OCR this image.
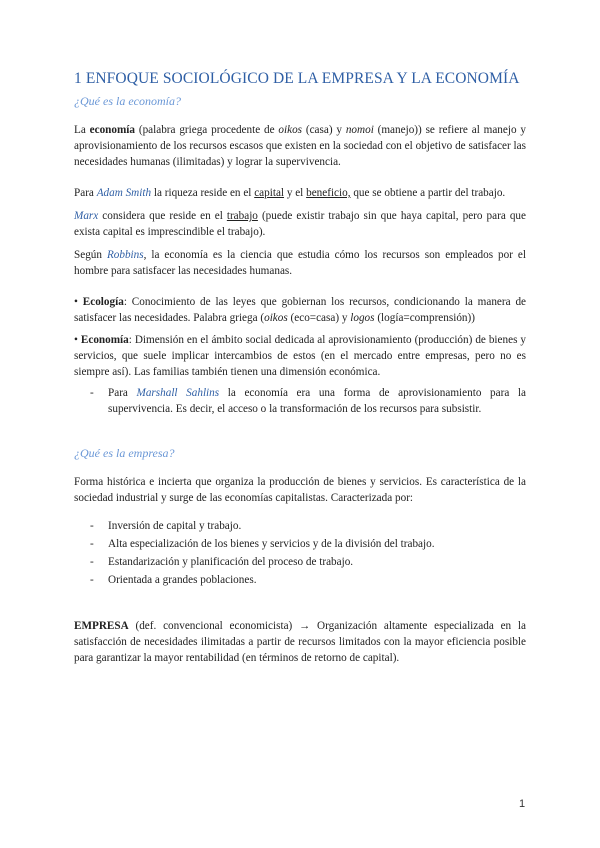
1 ENFOQUE SOCIOLÓGICO DE LA EMPRESA Y LA ECONOMÍA
¿Qué es la economía?

La economía (palabra griega procedente de oikos (casa) y nomoi (manejo)) se refiere al manejo y aprovisionamiento de los recursos escasos que existen en la sociedad con el objetivo de satisfacer las necesidades humanas (ilimitadas) y lograr la supervivencia.

Para Adam Smith la riqueza reside en el capital y el beneficio, que se obtiene a partir del trabajo.

Marx considera que reside en el trabajo (puede existir trabajo sin que haya capital, pero para que exista capital es imprescindible el trabajo).

Según Robbins, la economía es la ciencia que estudia cómo los recursos son empleados por el hombre para satisfacer las necesidades humanas.

• Ecología: Conocimiento de las leyes que gobiernan los recursos, condicionando la manera de satisfacer las necesidades. Palabra griega (oikos (eco=casa) y logos (logía=comprensión))

• Economía: Dimensión en el ámbito social dedicada al aprovisionamiento (producción) de bienes y servicios, que suele implicar intercambios de estos (en el mercado entre empresas, pero no es siempre así). Las familias también tienen una dimensión económica.

- Para Marshall Sahlins la economía era una forma de aprovisionamiento para la supervivencia. Es decir, el acceso o la transformación de los recursos para subsistir.
¿Qué es la empresa?

Forma histórica e incierta que organiza la producción de bienes y servicios. Es característica de la sociedad industrial y surge de las economías capitalistas. Caracterizada por:

- Inversión de capital y trabajo.
- Alta especialización de los bienes y servicios y de la división del trabajo.
- Estandarización y planificación del proceso de trabajo.
- Orientada a grandes poblaciones.

EMPRESA (def. convencional economicista) → Organización altamente especializada en la satisfacción de necesidades ilimitadas a partir de recursos limitados con la mayor eficiencia posible para garantizar la mayor rentabilidad (en términos de retorno de capital).

1
